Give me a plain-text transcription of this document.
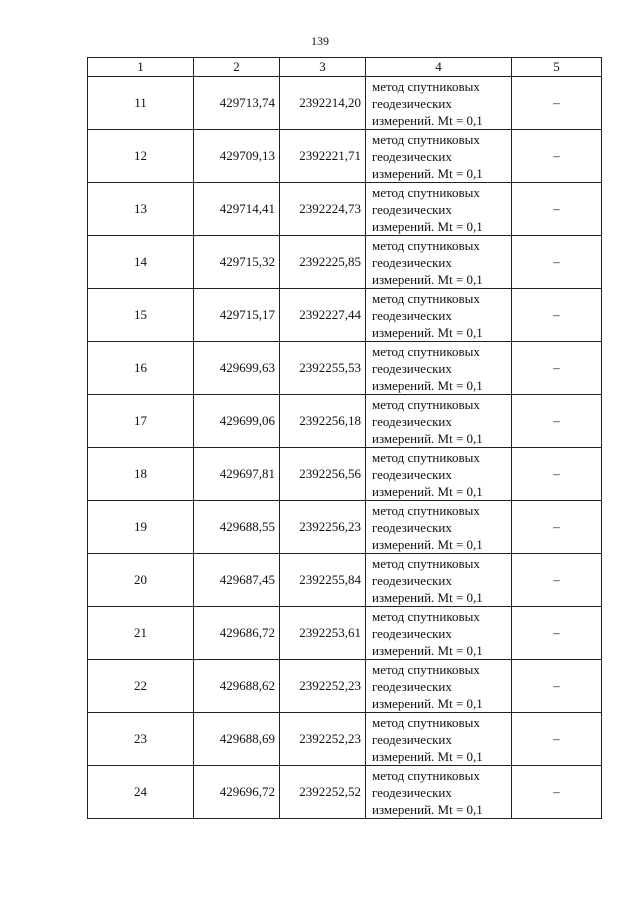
139
1	2	3	4	5
11	429713,74	2392214,20	метод спутниковых
геодезических
измерений. Mt = 0,1	–
12	429709,13	2392221,71	метод спутниковых
геодезических
измерений. Mt = 0,1	–
13	429714,41	2392224,73	метод спутниковых
геодезических
измерений. Mt = 0,1	–
14	429715,32	2392225,85	метод спутниковых
геодезических
измерений. Mt = 0,1	–
15	429715,17	2392227,44	метод спутниковых
геодезических
измерений. Mt = 0,1	–
16	429699,63	2392255,53	метод спутниковых
геодезических
измерений. Mt = 0,1	–
17	429699,06	2392256,18	метод спутниковых
геодезических
измерений. Mt = 0,1	–
18	429697,81	2392256,56	метод спутниковых
геодезических
измерений. Mt = 0,1	–
19	429688,55	2392256,23	метод спутниковых
геодезических
измерений. Mt = 0,1	–
20	429687,45	2392255,84	метод спутниковых
геодезических
измерений. Mt = 0,1	–
21	429686,72	2392253,61	метод спутниковых
геодезических
измерений. Mt = 0,1	–
22	429688,62	2392252,23	метод спутниковых
геодезических
измерений. Mt = 0,1	–
23	429688,69	2392252,23	метод спутниковых
геодезических
измерений. Mt = 0,1	–
24	429696,72	2392252,52	метод спутниковых
геодезических
измерений. Mt = 0,1	–
